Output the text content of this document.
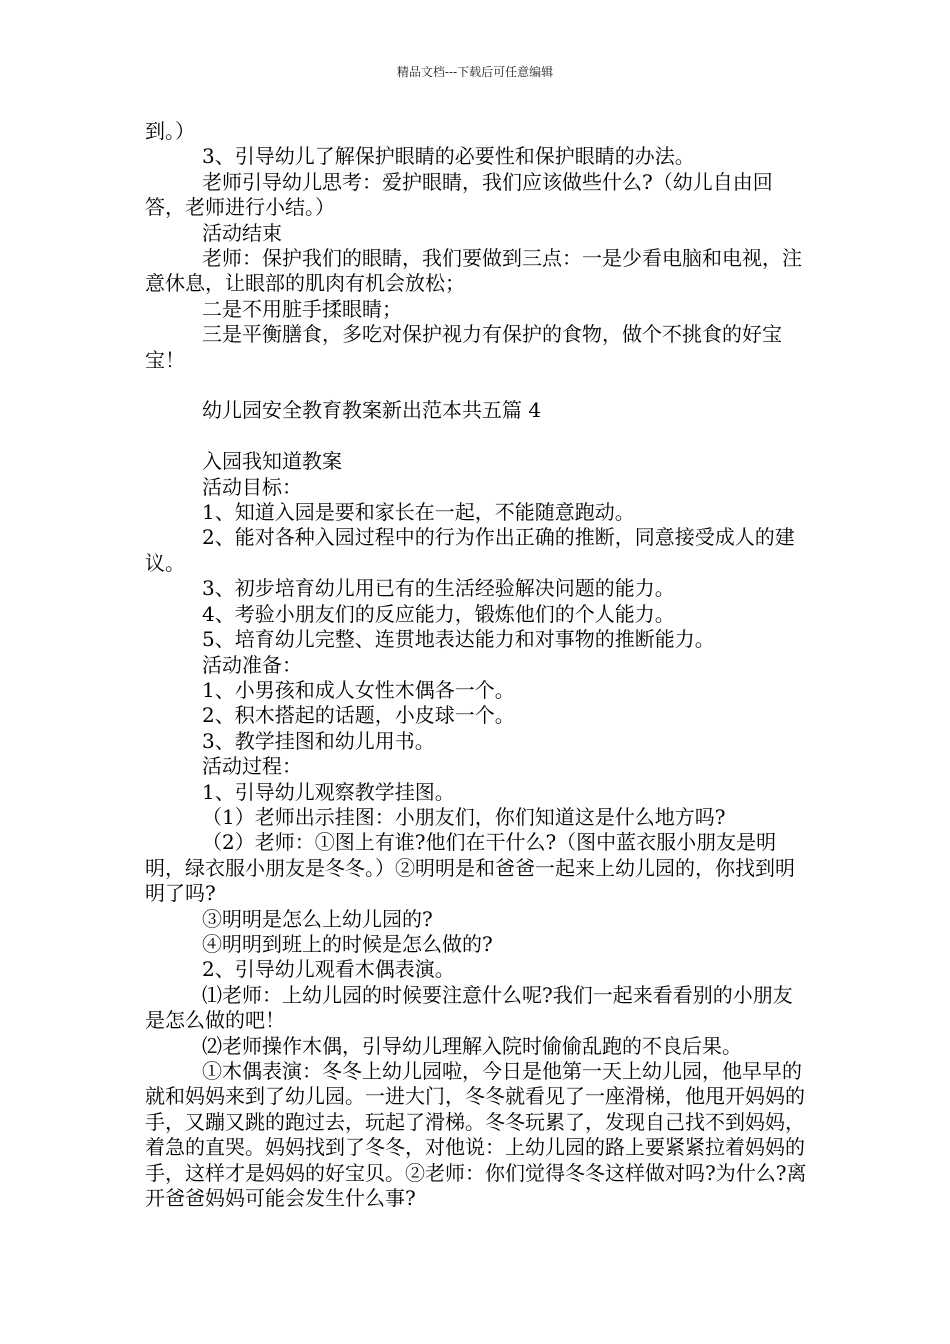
精品文档---下载后可任意编辑

到。）

3、引导幼儿了解保护眼睛的必要性和保护眼睛的办法。

老师引导幼儿思考：爱护眼睛，我们应该做些什么?（幼儿自由回答，老师进行小结。）

活动结束

老师：保护我们的眼睛，我们要做到三点：一是少看电脑和电视，注意休息，让眼部的肌肉有机会放松；

二是不用脏手揉眼睛；

三是平衡膳食，多吃对保护视力有保护的食物，做个不挑食的好宝宝！

幼儿园安全教育教案新出范本共五篇 4

入园我知道教案

活动目标：

1、知道入园是要和家长在一起，不能随意跑动。

2、能对各种入园过程中的行为作出正确的推断，同意接受成人的建议。

3、初步培育幼儿用已有的生活经验解决问题的能力。

4、考验小朋友们的反应能力，锻炼他们的个人能力。

5、培育幼儿完整、连贯地表达能力和对事物的推断能力。

活动准备：

1、小男孩和成人女性木偶各一个。

2、积木搭起的话题，小皮球一个。

3、教学挂图和幼儿用书。

活动过程：

1、引导幼儿观察教学挂图。

（1）老师出示挂图：小朋友们，你们知道这是什么地方吗?

（2）老师：①图上有谁?他们在干什么?（图中蓝衣服小朋友是明明，绿衣服小朋友是冬冬。）②明明是和爸爸一起来上幼儿园的，你找到明明了吗?

③明明是怎么上幼儿园的?

④明明到班上的时候是怎么做的?

2、引导幼儿观看木偶表演。

⑴老师：上幼儿园的时候要注意什么呢?我们一起来看看别的小朋友是怎么做的吧！

⑵老师操作木偶，引导幼儿理解入院时偷偷乱跑的不良后果。

①木偶表演：冬冬上幼儿园啦，今日是他第一天上幼儿园，他早早的就和妈妈来到了幼儿园。一进大门，冬冬就看见了一座滑梯，他甩开妈妈的手，又蹦又跳的跑过去，玩起了滑梯。冬冬玩累了，发现自己找不到妈妈，着急的直哭。妈妈找到了冬冬，对他说：上幼儿园的路上要紧紧拉着妈妈的手，这样才是妈妈的好宝贝。②老师：你们觉得冬冬这样做对吗?为什么?离开爸爸妈妈可能会发生什么事?
